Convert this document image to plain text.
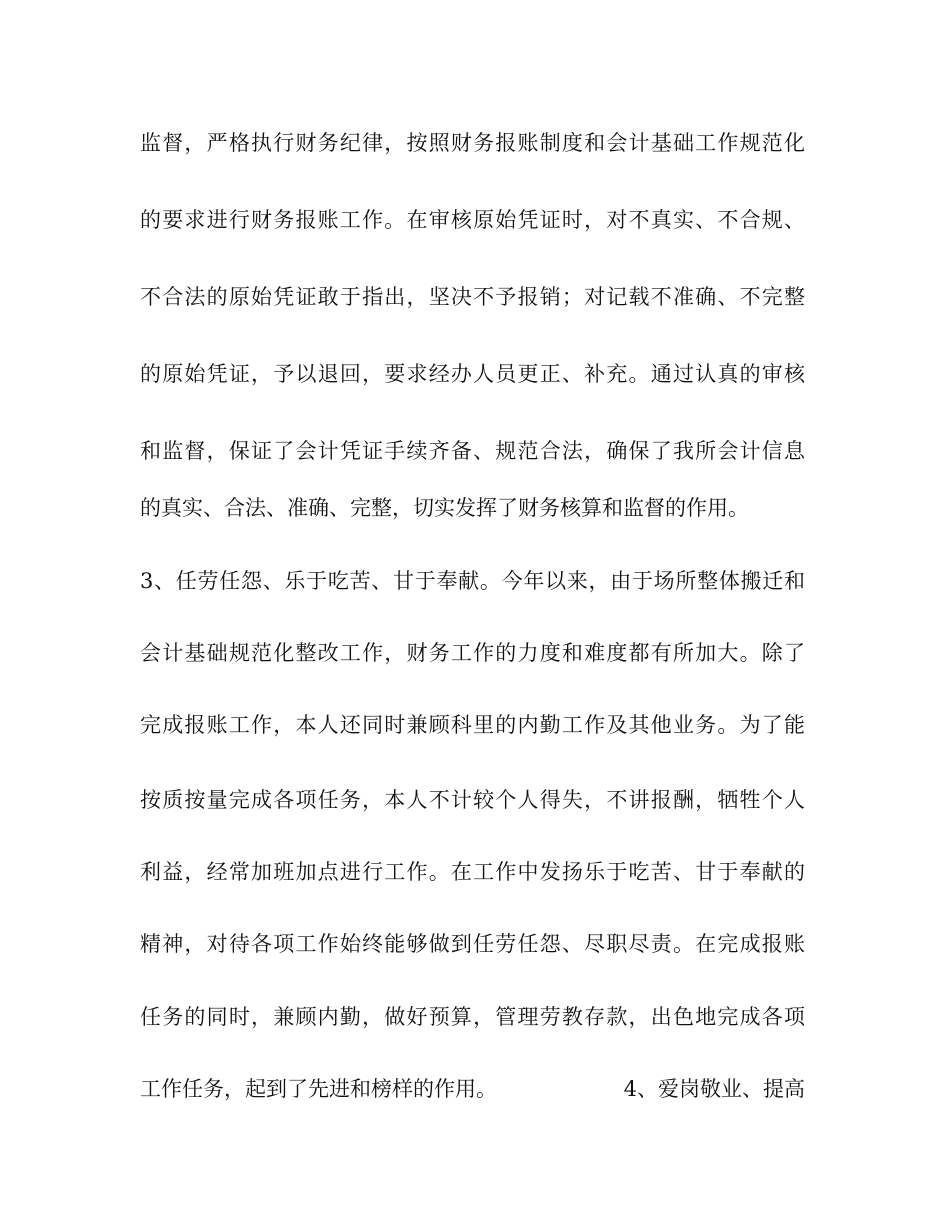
监督，严格执行财务纪律，按照财务报账制度和会计基础工作规范化
的要求进行财务报账工作。在审核原始凭证时，对不真实、不合规、
不合法的原始凭证敢于指出，坚决不予报销；对记载不准确、不完整
的原始凭证，予以退回，要求经办人员更正、补充。通过认真的审核
和监督，保证了会计凭证手续齐备、规范合法，确保了我所会计信息
的真实、合法、准确、完整，切实发挥了财务核算和监督的作用。
3、任劳任怨、乐于吃苦、甘于奉献。今年以来，由于场所整体搬迁和
会计基础规范化整改工作，财务工作的力度和难度都有所加大。除了
完成报账工作，本人还同时兼顾科里的内勤工作及其他业务。为了能
按质按量完成各项任务，本人不计较个人得失，不讲报酬，牺牲个人
利益，经常加班加点进行工作。在工作中发扬乐于吃苦、甘于奉献的
精神，对待各项工作始终能够做到任劳任怨、尽职尽责。在完成报账
任务的同时，兼顾内勤，做好预算，管理劳教存款，出色地完成各项
工作任务，起到了先进和榜样的作用。	4、爱岗敬业、提高
